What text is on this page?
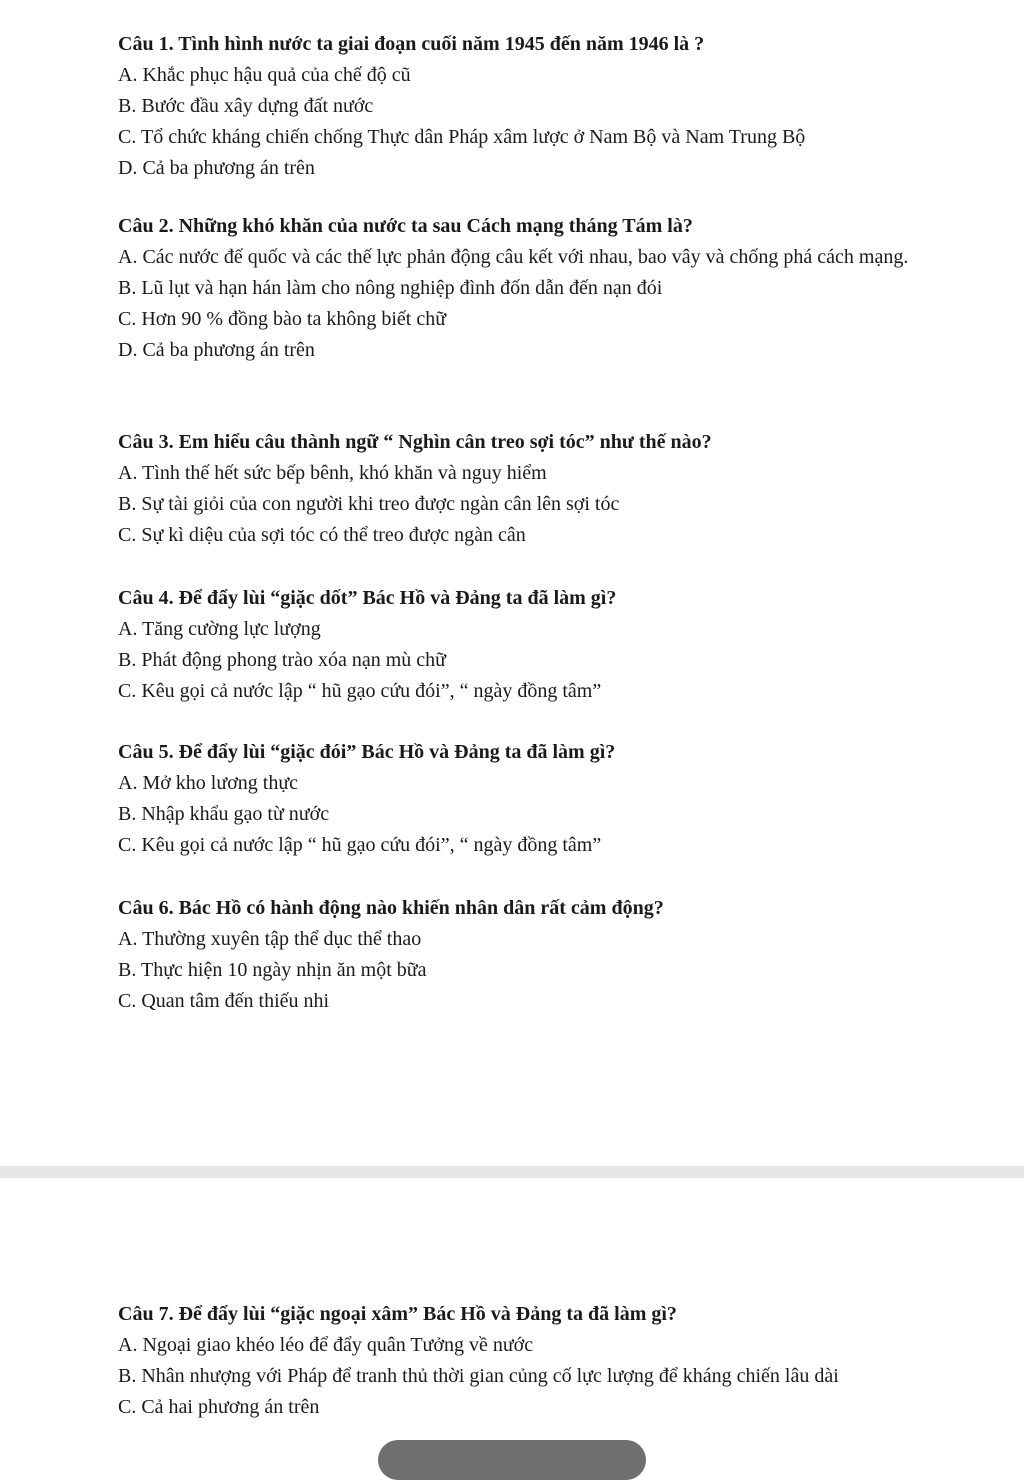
Câu 1. Tình hình nước ta giai đoạn cuối năm 1945 đến năm 1946 là ?

A. Khắc phục hậu quả của chế độ cũ

B. Bước đầu xây dựng đất nước

C. Tổ chức kháng chiến chống Thực dân Pháp xâm lược ở Nam Bộ và Nam Trung Bộ

D. Cả ba phương án trên

Câu 2. Những khó khăn của nước ta sau Cách mạng tháng Tám là?

A. Các nước đế quốc và các thế lực phản động câu kết với nhau, bao vây và chống phá cách mạng.

B. Lũ lụt và hạn hán làm cho nông nghiệp đình đốn dẫn đến nạn đói

C. Hơn 90 % đồng bào ta không biết chữ

D. Cả ba phương án trên

Câu 3. Em hiểu câu thành ngữ “ Nghìn cân treo sợi tóc” như thế nào?

A. Tình thế hết sức bếp bênh, khó khăn và nguy hiểm

B. Sự tài giỏi của con người khi treo được ngàn cân lên sợi tóc

C. Sự kì diệu của sợi tóc có thể treo được ngàn cân

Câu 4. Để đẩy lùi “giặc dốt” Bác Hồ và Đảng ta đã làm gì?

A. Tăng cường lực lượng

B. Phát động phong trào xóa nạn mù chữ

C. Kêu gọi cả nước lập “ hũ gạo cứu đói”, “ ngày đồng tâm”

Câu 5. Để đẩy lùi “giặc đói” Bác Hồ và Đảng ta đã làm gì?

A. Mở kho lương thực

B. Nhập khẩu gạo từ nước

C. Kêu gọi cả nước lập “ hũ gạo cứu đói”, “ ngày đồng tâm”

Câu 6. Bác Hồ có hành động nào khiến nhân dân rất cảm động?

A. Thường xuyên tập thể dục thể thao

B. Thực hiện 10 ngày nhịn ăn một bữa

C. Quan tâm đến thiếu nhi

Câu 7. Để đẩy lùi “giặc ngoại xâm” Bác Hồ và Đảng ta đã làm gì?

A. Ngoại giao khéo léo để đẩy quân Tưởng về nước

B. Nhân nhượng với Pháp để tranh thủ thời gian củng cố lực lượng để kháng chiến lâu dài

C. Cả hai phương án trên
